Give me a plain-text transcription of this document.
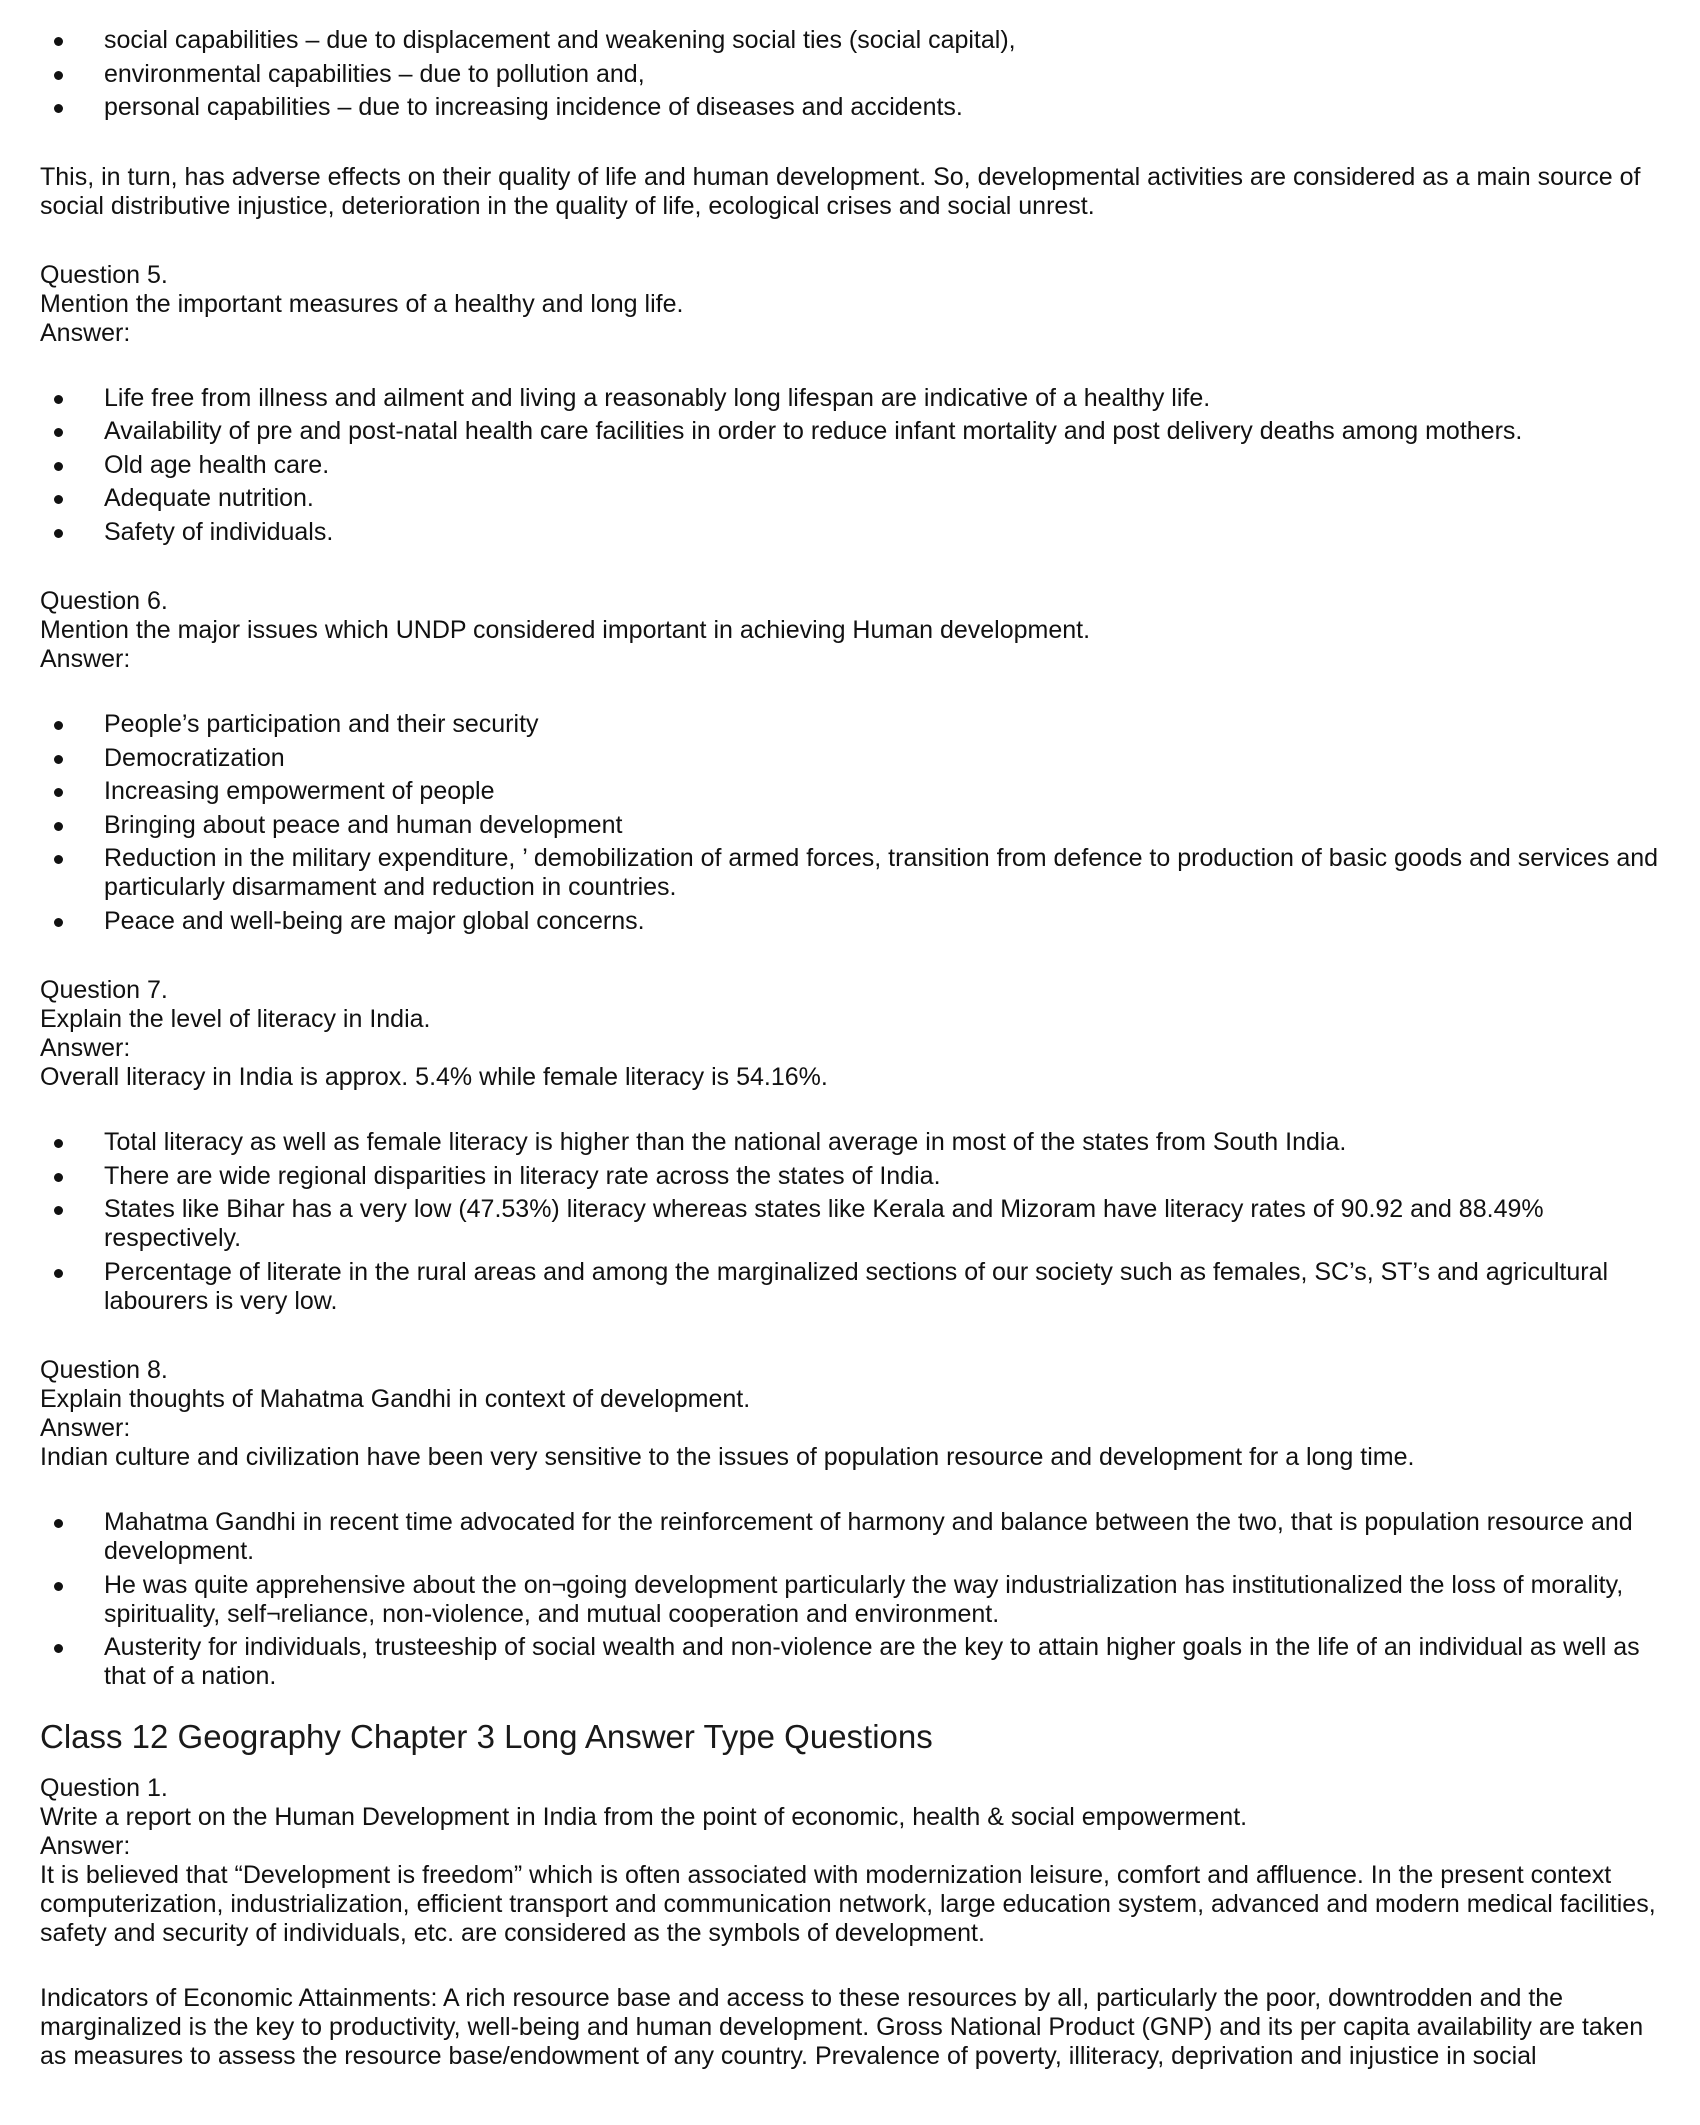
social capabilities – due to displacement and weakening social ties (social capital),
environmental capabilities – due to pollution and,
personal capabilities – due to increasing incidence of diseases and accidents.

This, in turn, has adverse effects on their quality of life and human development. So, developmental activities are considered as a main source of social distributive injustice, deterioration in the quality of life, ecological crises and social unrest.

Question 5.

Mention the important measures of a healthy and long life.

Answer:

Life free from illness and ailment and living a reasonably long lifespan are indicative of a healthy life.
Availability of pre and post-natal health care facilities in order to reduce infant mortality and post delivery deaths among mothers.
Old age health care.
Adequate nutrition.
Safety of individuals.

Question 6.

Mention the major issues which UNDP considered important in achieving Human development.

Answer:

People’s participation and their security
Democratization
Increasing empowerment of people
Bringing about peace and human development
Reduction in the military expenditure, ’ demobilization of armed forces, transition from defence to production of basic goods and services and particularly disarmament and reduction in countries.
Peace and well-being are major global concerns.

Question 7.

Explain the level of literacy in India.

Answer:

Overall literacy in India is approx. 5.4% while female literacy is 54.16%.

Total literacy as well as female literacy is higher than the national average in most of the states from South India.
There are wide regional disparities in literacy rate across the states of India.
States like Bihar has a very low (47.53%) literacy whereas states like Kerala and Mizoram have literacy rates of 90.92 and 88.49% respectively.
Percentage of literate in the rural areas and among the marginalized sections of our society such as females, SC’s, ST’s and agricultural labourers is very low.

Question 8.

Explain thoughts of Mahatma Gandhi in context of development.

Answer:

Indian culture and civilization have been very sensitive to the issues of population resource and development for a long time.

Mahatma Gandhi in recent time advocated for the reinforcement of harmony and balance between the two, that is population resource and development.
He was quite apprehensive about the on¬going development particularly the way industrialization has institutionalized the loss of morality, spirituality, self¬reliance, non-violence, and mutual cooperation and environment.
Austerity for individuals, trusteeship of social wealth and non-violence are the key to attain higher goals in the life of an individual as well as that of a nation.
Class 12 Geography Chapter 3 Long Answer Type Questions

Question 1.

Write a report on the Human Development in India from the point of economic, health & social empowerment.

Answer:

It is believed that “Development is freedom” which is often associated with modernization leisure, comfort and affluence. In the present context computerization, industrialization, efficient transport and communication network, large education system, advanced and modern medical facilities, safety and security of individuals, etc. are considered as the symbols of development.

Indicators of Economic Attainments: A rich resource base and access to these resources by all, particularly the poor, downtrodden and the marginalized is the key to productivity, well-being and human development. Gross National Product (GNP) and its per capita availability are taken as measures to assess the resource base/endowment of any country. Prevalence of poverty, illiteracy, deprivation and injustice in social
